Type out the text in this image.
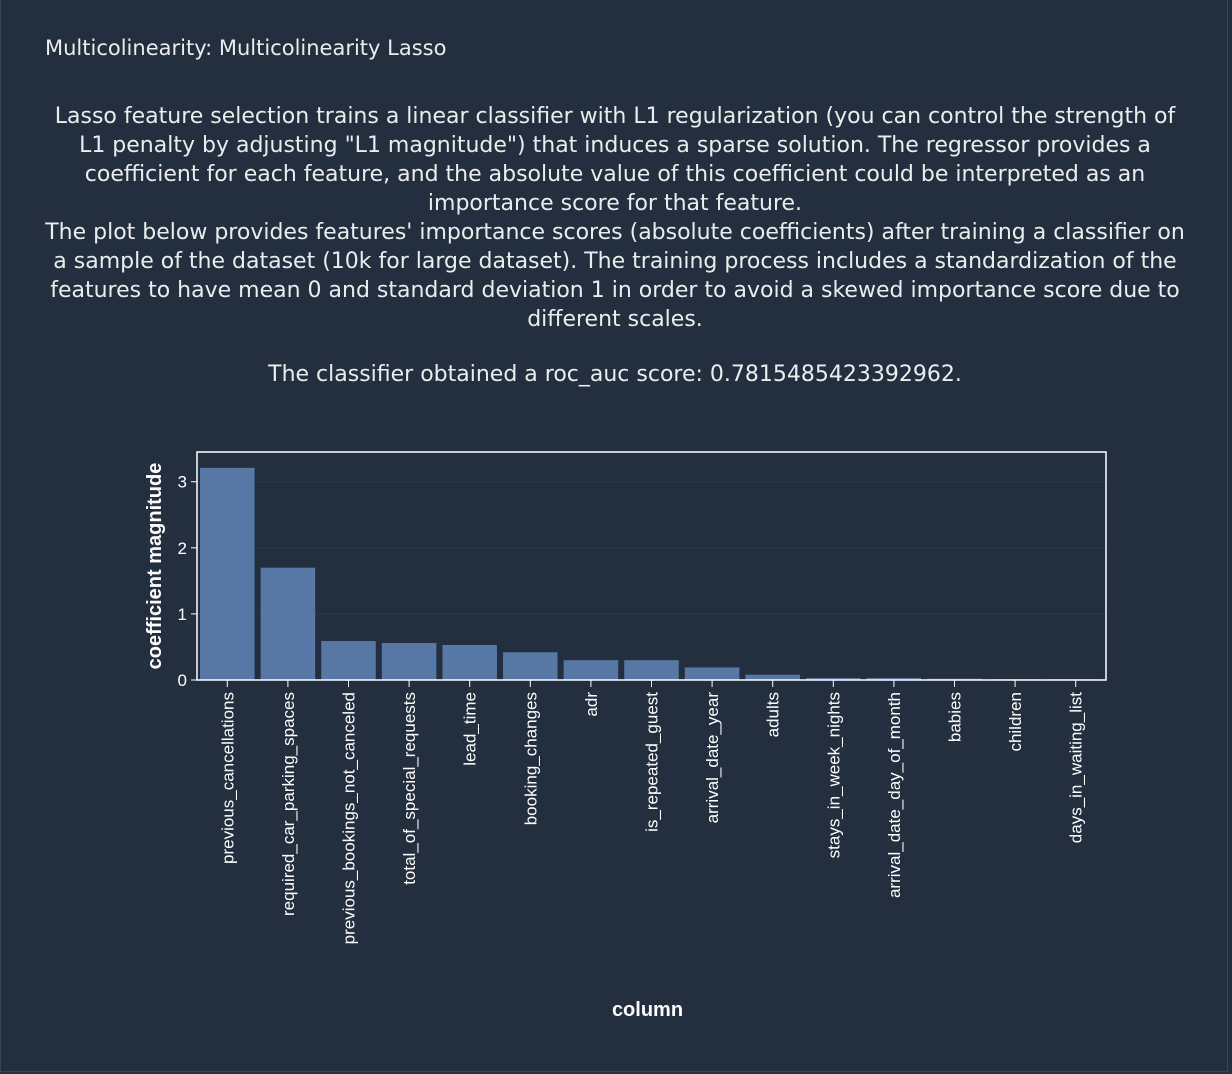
Multicolinearity: Multicolinearity Lasso

Lasso feature selection trains a linear classifier with L1 regularization (you can control the strength of L1 penalty by adjusting "L1 magnitude") that induces a sparse solution. The regressor provides a coefficient for each feature, and the absolute value of this coefficient could be interpreted as an importance score for that feature.

The plot below provides features' importance scores (absolute coefficients) after training a classifier on a sample of the dataset (10k for large dataset). The training process includes a standardization of the features to have mean 0 and standard deviation 1 in order to avoid a skewed importance score due to different scales.

The classifier obtained a roc_auc score: 0.7815485423392962.
0
1
2
3
previous_cancellations required_car_parking_spaces previous_bookings_not_canceled total_of_special_requests lead_time booking_changes adr is_repeated_guest arrival_date_year adults stays_in_week_nights arrival_date_day_of_month babies children days_in_waiting_list
coefficient magnitude
column
